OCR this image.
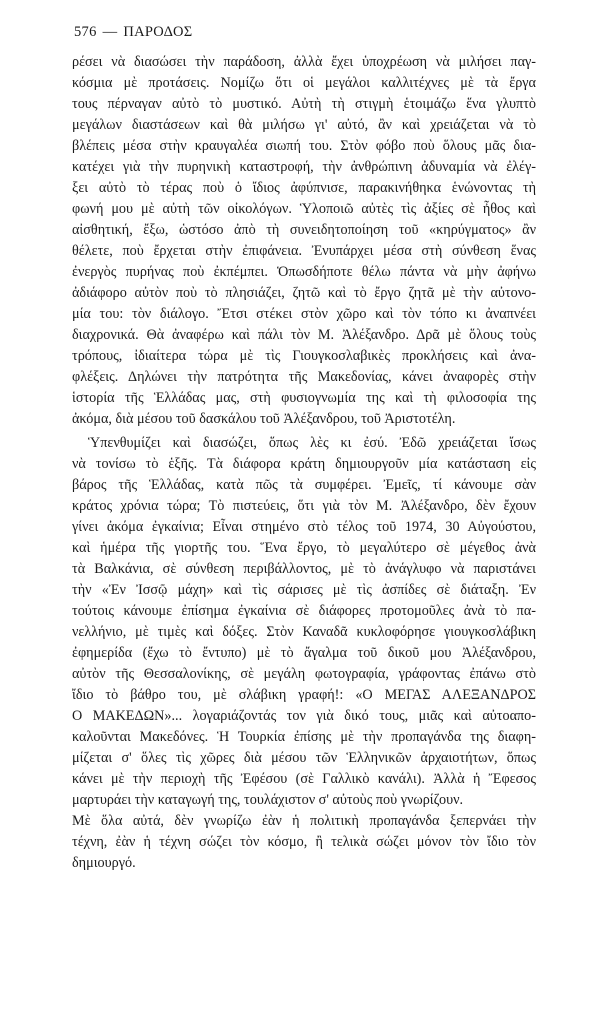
576 — ΠΑΡΟΔΟΣ
ρέσει νὰ διασώσει τὴν παράδοση, ἀλλὰ ἔχει ὑποχρέωση νὰ μιλήσει παγ-
κόσμια μὲ προτάσεις. Νομίζω ὅτι οἱ μεγάλοι καλλιτέχνες μὲ τὰ ἔργα
τους πέρναγαν αὐτὸ τὸ μυστικό. Αὐτὴ τὴ στιγμὴ ἑτοιμάζω ἕνα γλυπτὸ
μεγάλων διαστάσεων καὶ θὰ μιλήσω γι' αὐτό, ἂν καὶ χρειάζεται νὰ τὸ
βλέπεις μέσα στὴν κραυγαλέα σιωπή του. Στὸν φόβο ποὺ ὅλους μᾶς δια-
κατέχει γιὰ τὴν πυρηνικὴ καταστροφή, τὴν ἀνθρώπινη ἀδυναμία νὰ ἐλέγ-
ξει αὐτὸ τὸ τέρας ποὺ ὁ ἴδιος ἀφύπνισε, παρακινήθηκα ἑνώνοντας τὴ
φωνή μου μὲ αὐτὴ τῶν οἰκολόγων. Ὑλοποιῶ αὐτὲς τὶς ἀξίες σὲ ἦθος καὶ
αἰσθητική, ἔξω, ὡστόσο ἀπὸ τὴ συνειδητοποίηση τοῦ «κηρύγματος» ἂν
θέλετε, ποὺ ἔρχεται στὴν ἐπιφάνεια. Ἐνυπάρχει μέσα στὴ σύνθεση ἕνας
ἐνεργὸς πυρήνας ποὺ ἐκπέμπει. Ὁπωσδήποτε θέλω πάντα νὰ μὴν ἀφήνω
ἀδιάφορο αὐτὸν ποὺ τὸ πλησιάζει, ζητῶ καὶ τὸ ἔργο ζητᾶ μὲ τὴν αὐτονο-
μία του: τὸν διάλογο. Ἔτσι στέκει στὸν χῶρο καὶ τὸν τόπο κι ἀναπνέει
διαχρονικά. Θὰ ἀναφέρω καὶ πάλι τὸν Μ. Ἀλέξανδρο. Δρᾶ μὲ ὅλους τοὺς
τρόπους, ἰδιαίτερα τώρα μὲ τὶς Γιουγκοσλαβικὲς προκλήσεις καὶ ἀνα-
φλέξεις. Δηλώνει τὴν πατρότητα τῆς Μακεδονίας, κάνει ἀναφορὲς στὴν
ἱστορία τῆς Ἑλλάδας μας, στὴ φυσιογνωμία της καὶ τὴ φιλοσοφία της
ἀκόμα, διὰ μέσου τοῦ δασκάλου τοῦ Ἀλέξανδρου, τοῦ Ἀριστοτέλη.
Ὑπενθυμίζει καὶ διασώζει, ὅπως λὲς κι ἐσύ. Ἐδῶ χρειάζεται ἴσως
νὰ τονίσω τὸ ἑξῆς. Τὰ διάφορα κράτη δημιουργοῦν μία κατάσταση εἰς
βάρος τῆς Ἑλλάδας, κατὰ πῶς τὰ συμφέρει. Ἐμεῖς, τί κάνουμε σὰν
κράτος χρόνια τώρα; Τὸ πιστεύεις, ὅτι γιὰ τὸν Μ. Ἀλέξανδρο, δὲν ἔχουν
γίνει ἀκόμα ἐγκαίνια; Εἶναι στημένο στὸ τέλος τοῦ 1974, 30 Αὐγούστου,
καὶ ἡμέρα τῆς γιορτῆς του. Ἕνα ἔργο, τὸ μεγαλύτερο σὲ μέγεθος ἀνὰ
τὰ Βαλκάνια, σὲ σύνθεση περιβάλλοντος, μὲ τὸ ἀνάγλυφο νὰ παριστάνει
τὴν «Ἐν Ἰσσῷ μάχη» καὶ τὶς σάρισες μὲ τὶς ἀσπίδες σὲ διάταξη. Ἐν
τούτοις κάνουμε ἐπίσημα ἐγκαίνια σὲ διάφορες προτομοῦλες ἀνὰ τὸ πα-
νελλήνιο, μὲ τιμὲς καὶ δόξες. Στὸν Καναδᾶ κυκλοφόρησε γιουγκοσλάβικη
ἐφημερίδα (ἔχω τὸ ἔντυπο) μὲ τὸ ἄγαλμα τοῦ δικοῦ μου Ἀλέξανδρου,
αὐτὸν τῆς Θεσσαλονίκης, σὲ μεγάλη φωτογραφία, γράφοντας ἐπάνω στὸ
ἴδιο τὸ βάθρο του, μὲ σλάβικη γραφή!: «Ο ΜΕΓΑΣ ΑΛΕΞΑΝΔΡΟΣ
Ο ΜΑΚΕΔΩΝ»... λογαριάζοντάς τον γιὰ δικό τους, μιᾶς καὶ αὐτοαπο-
καλοῦνται Μακεδόνες. Ἡ Τουρκία ἐπίσης μὲ τὴν προπαγάνδα της διαφη-
μίζεται σ' ὅλες τὶς χῶρες διὰ μέσου τῶν Ἑλληνικῶν ἀρχαιοτήτων, ὅπως
κάνει μὲ τὴν περιοχὴ τῆς Ἐφέσου (σὲ Γαλλικὸ κανάλι). Ἀλλὰ ἡ Ἔφεσος
μαρτυράει τὴν καταγωγή της, τουλάχιστον σ' αὐτοὺς ποὺ γνωρίζουν.
Μὲ ὅλα αὐτά, δὲν γνωρίζω ἐὰν ἡ πολιτικὴ προπαγάνδα ξεπερνάει τὴν
τέχνη, ἐὰν ἡ τέχνη σώζει τὸν κόσμο, ἢ τελικὰ σώζει μόνον τὸν ἴδιο τὸν
δημιουργό.
